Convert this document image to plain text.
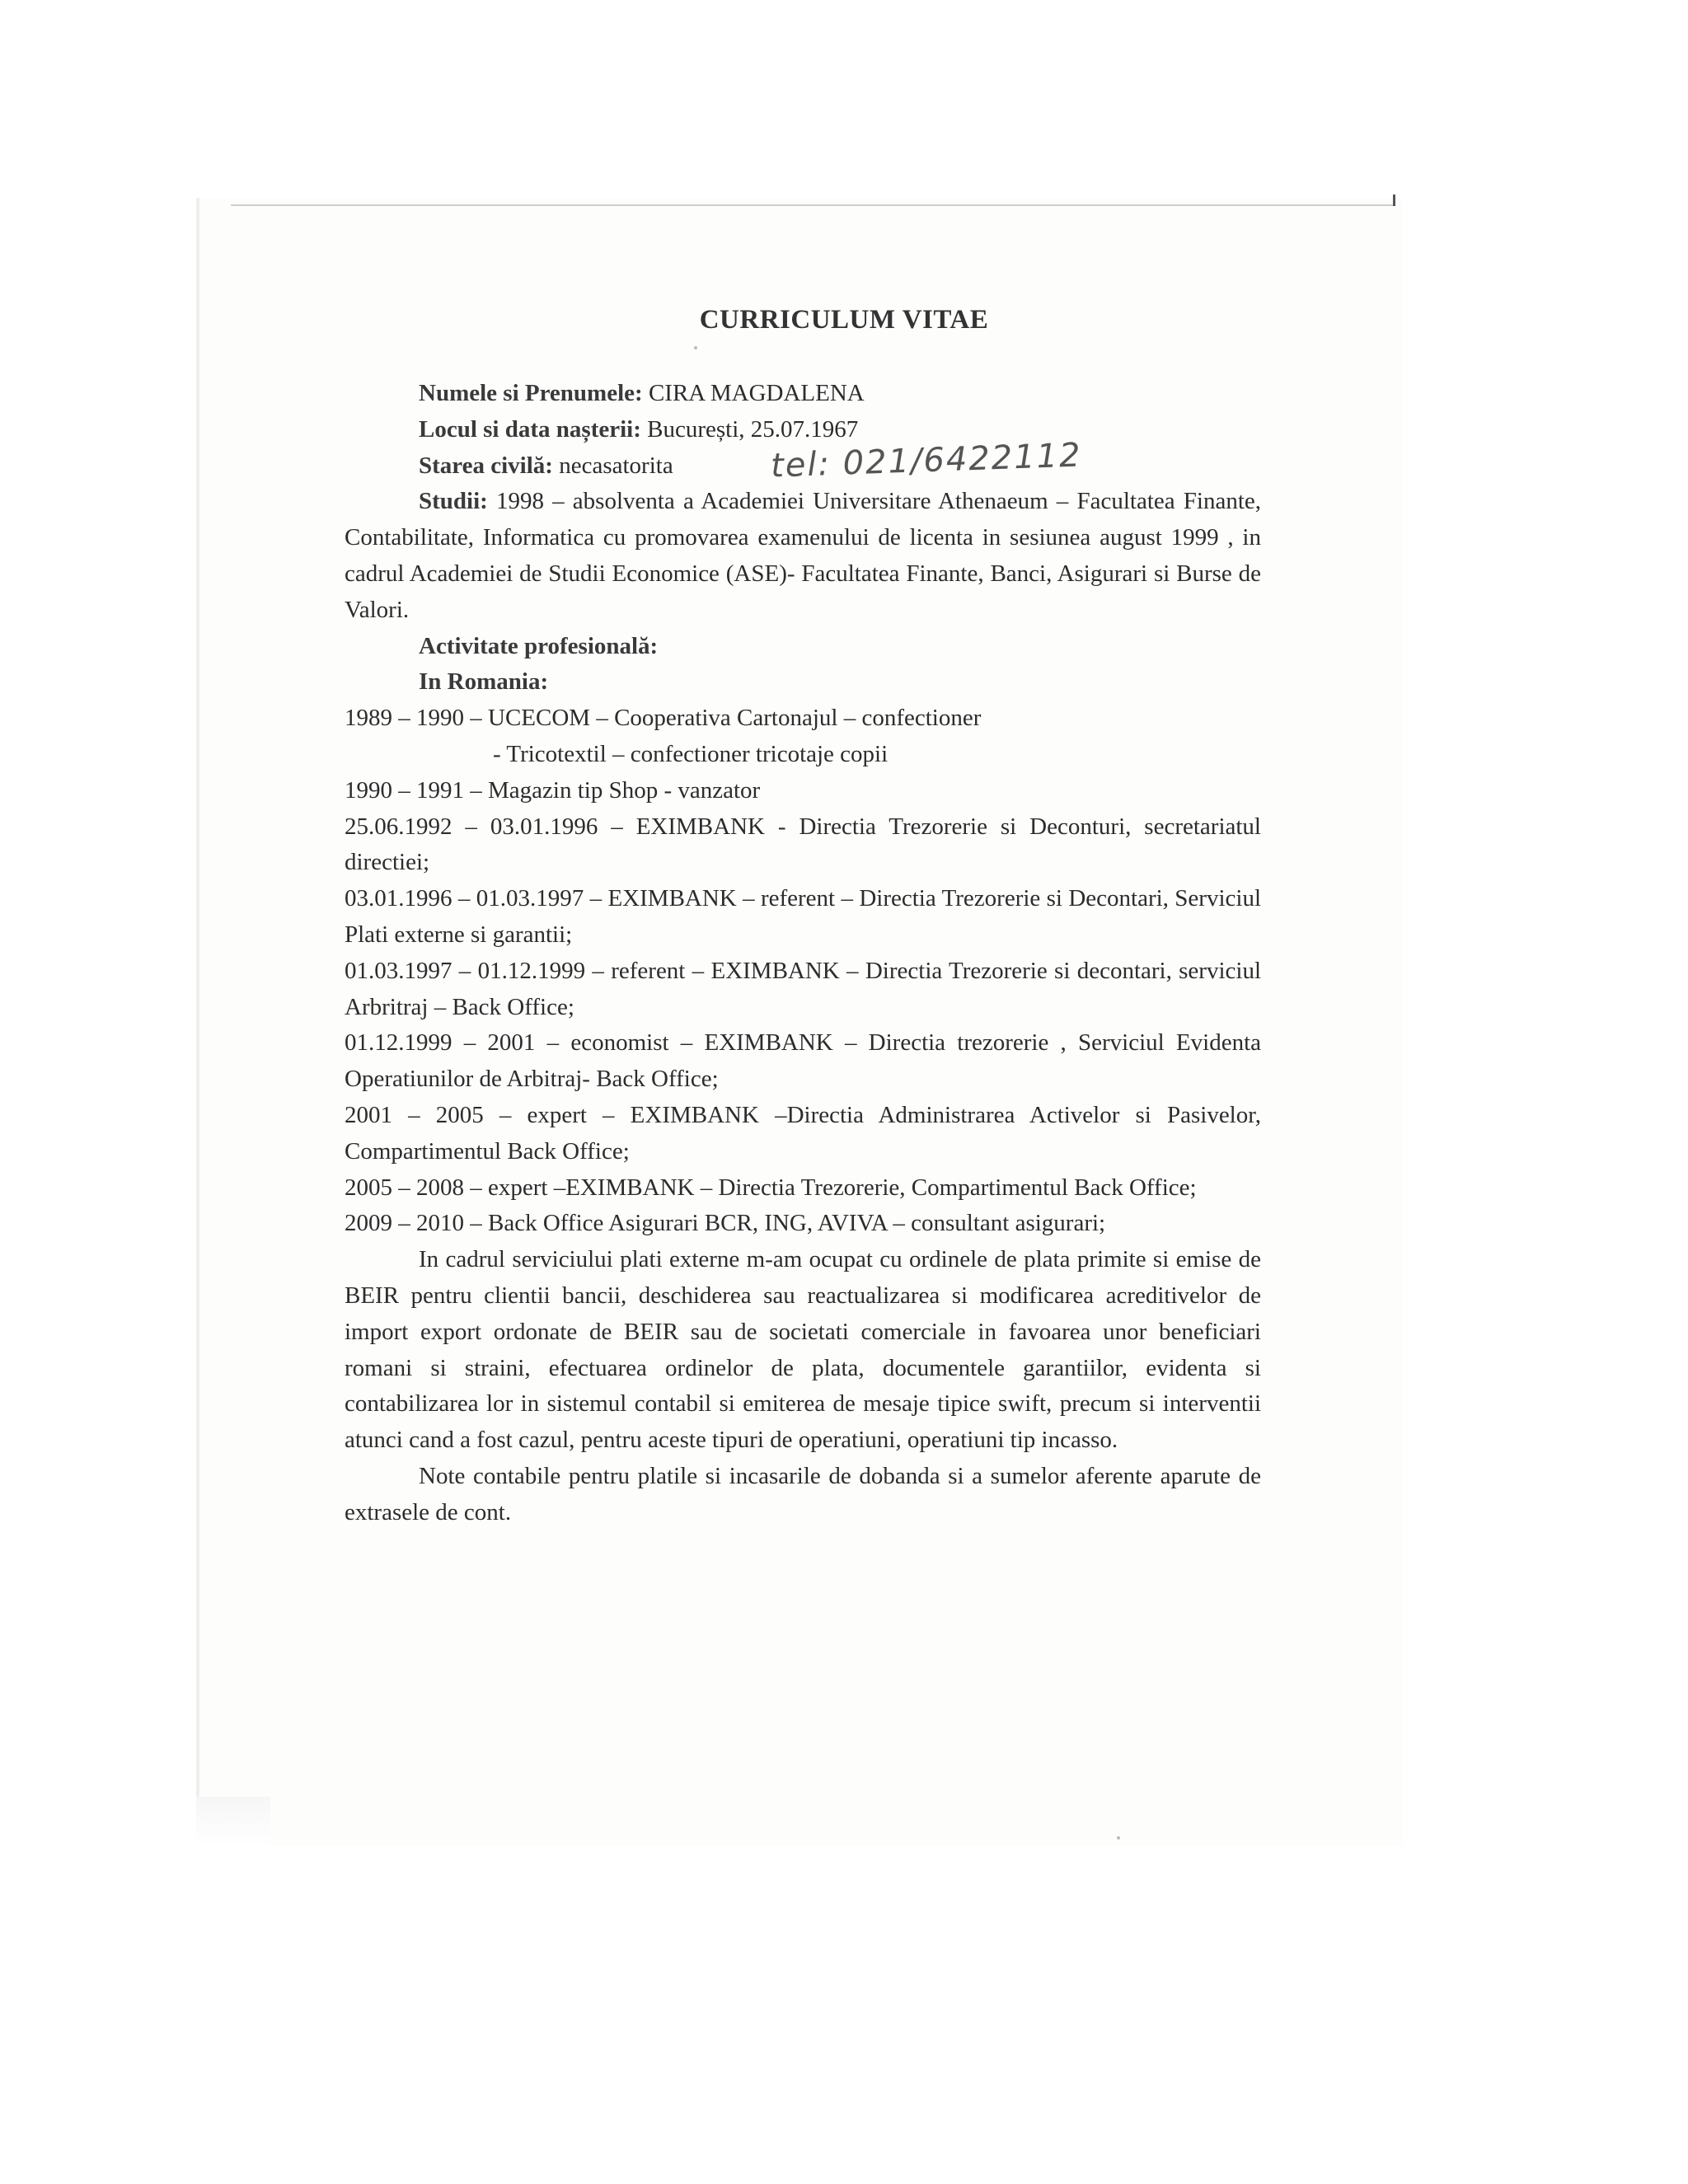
CURRICULUM VITAE

Numele si Prenumele: CIRA MAGDALENA

Locul si data nașterii: București, 25.07.1967

Starea civilă: necasatorita

Studii: 1998 – absolventa a Academiei Universitare Athenaeum – Facultatea Finante, Contabilitate, Informatica cu promovarea examenului de licenta in sesiunea august 1999 , in cadrul Academiei de Studii Economice (ASE)- Facultatea Finante, Banci, Asigurari si Burse de Valori.

Activitate profesională:

In Romania:

1989 – 1990 – UCECOM – Cooperativa Cartonajul – confectioner

- Tricotextil – confectioner tricotaje copii

1990 – 1991 – Magazin tip Shop - vanzator

25.06.1992 – 03.01.1996 – EXIMBANK - Directia Trezorerie si Deconturi, secretariatul directiei;

03.01.1996 – 01.03.1997 – EXIMBANK – referent – Directia Trezorerie si Decontari, Serviciul Plati externe si garantii;

01.03.1997 – 01.12.1999 – referent – EXIMBANK – Directia Trezorerie si decontari, serviciul Arbritraj – Back Office;

01.12.1999 – 2001 – economist – EXIMBANK – Directia trezorerie , Serviciul Evidenta Operatiunilor de Arbitraj- Back Office;

2001 – 2005 – expert – EXIMBANK –Directia Administrarea Activelor si Pasivelor, Compartimentul Back Office;

2005 – 2008 – expert –EXIMBANK – Directia Trezorerie, Compartimentul Back Office;

2009 – 2010 – Back Office Asigurari BCR, ING, AVIVA – consultant asigurari;

In cadrul serviciului plati externe m-am ocupat cu ordinele de plata primite si emise de BEIR pentru clientii bancii, deschiderea sau reactualizarea si modificarea acreditivelor de import export ordonate de BEIR sau de societati comerciale in favoarea unor beneficiari romani si straini, efectuarea ordinelor de plata, documentele garantiilor, evidenta si contabilizarea lor in sistemul contabil si emiterea de mesaje tipice swift, precum si interventii atunci cand a fost cazul, pentru aceste tipuri de operatiuni, operatiuni tip incasso.

Note contabile pentru platile si incasarile de dobanda si a sumelor aferente aparute de extrasele de cont.

tel: 021/6422112
